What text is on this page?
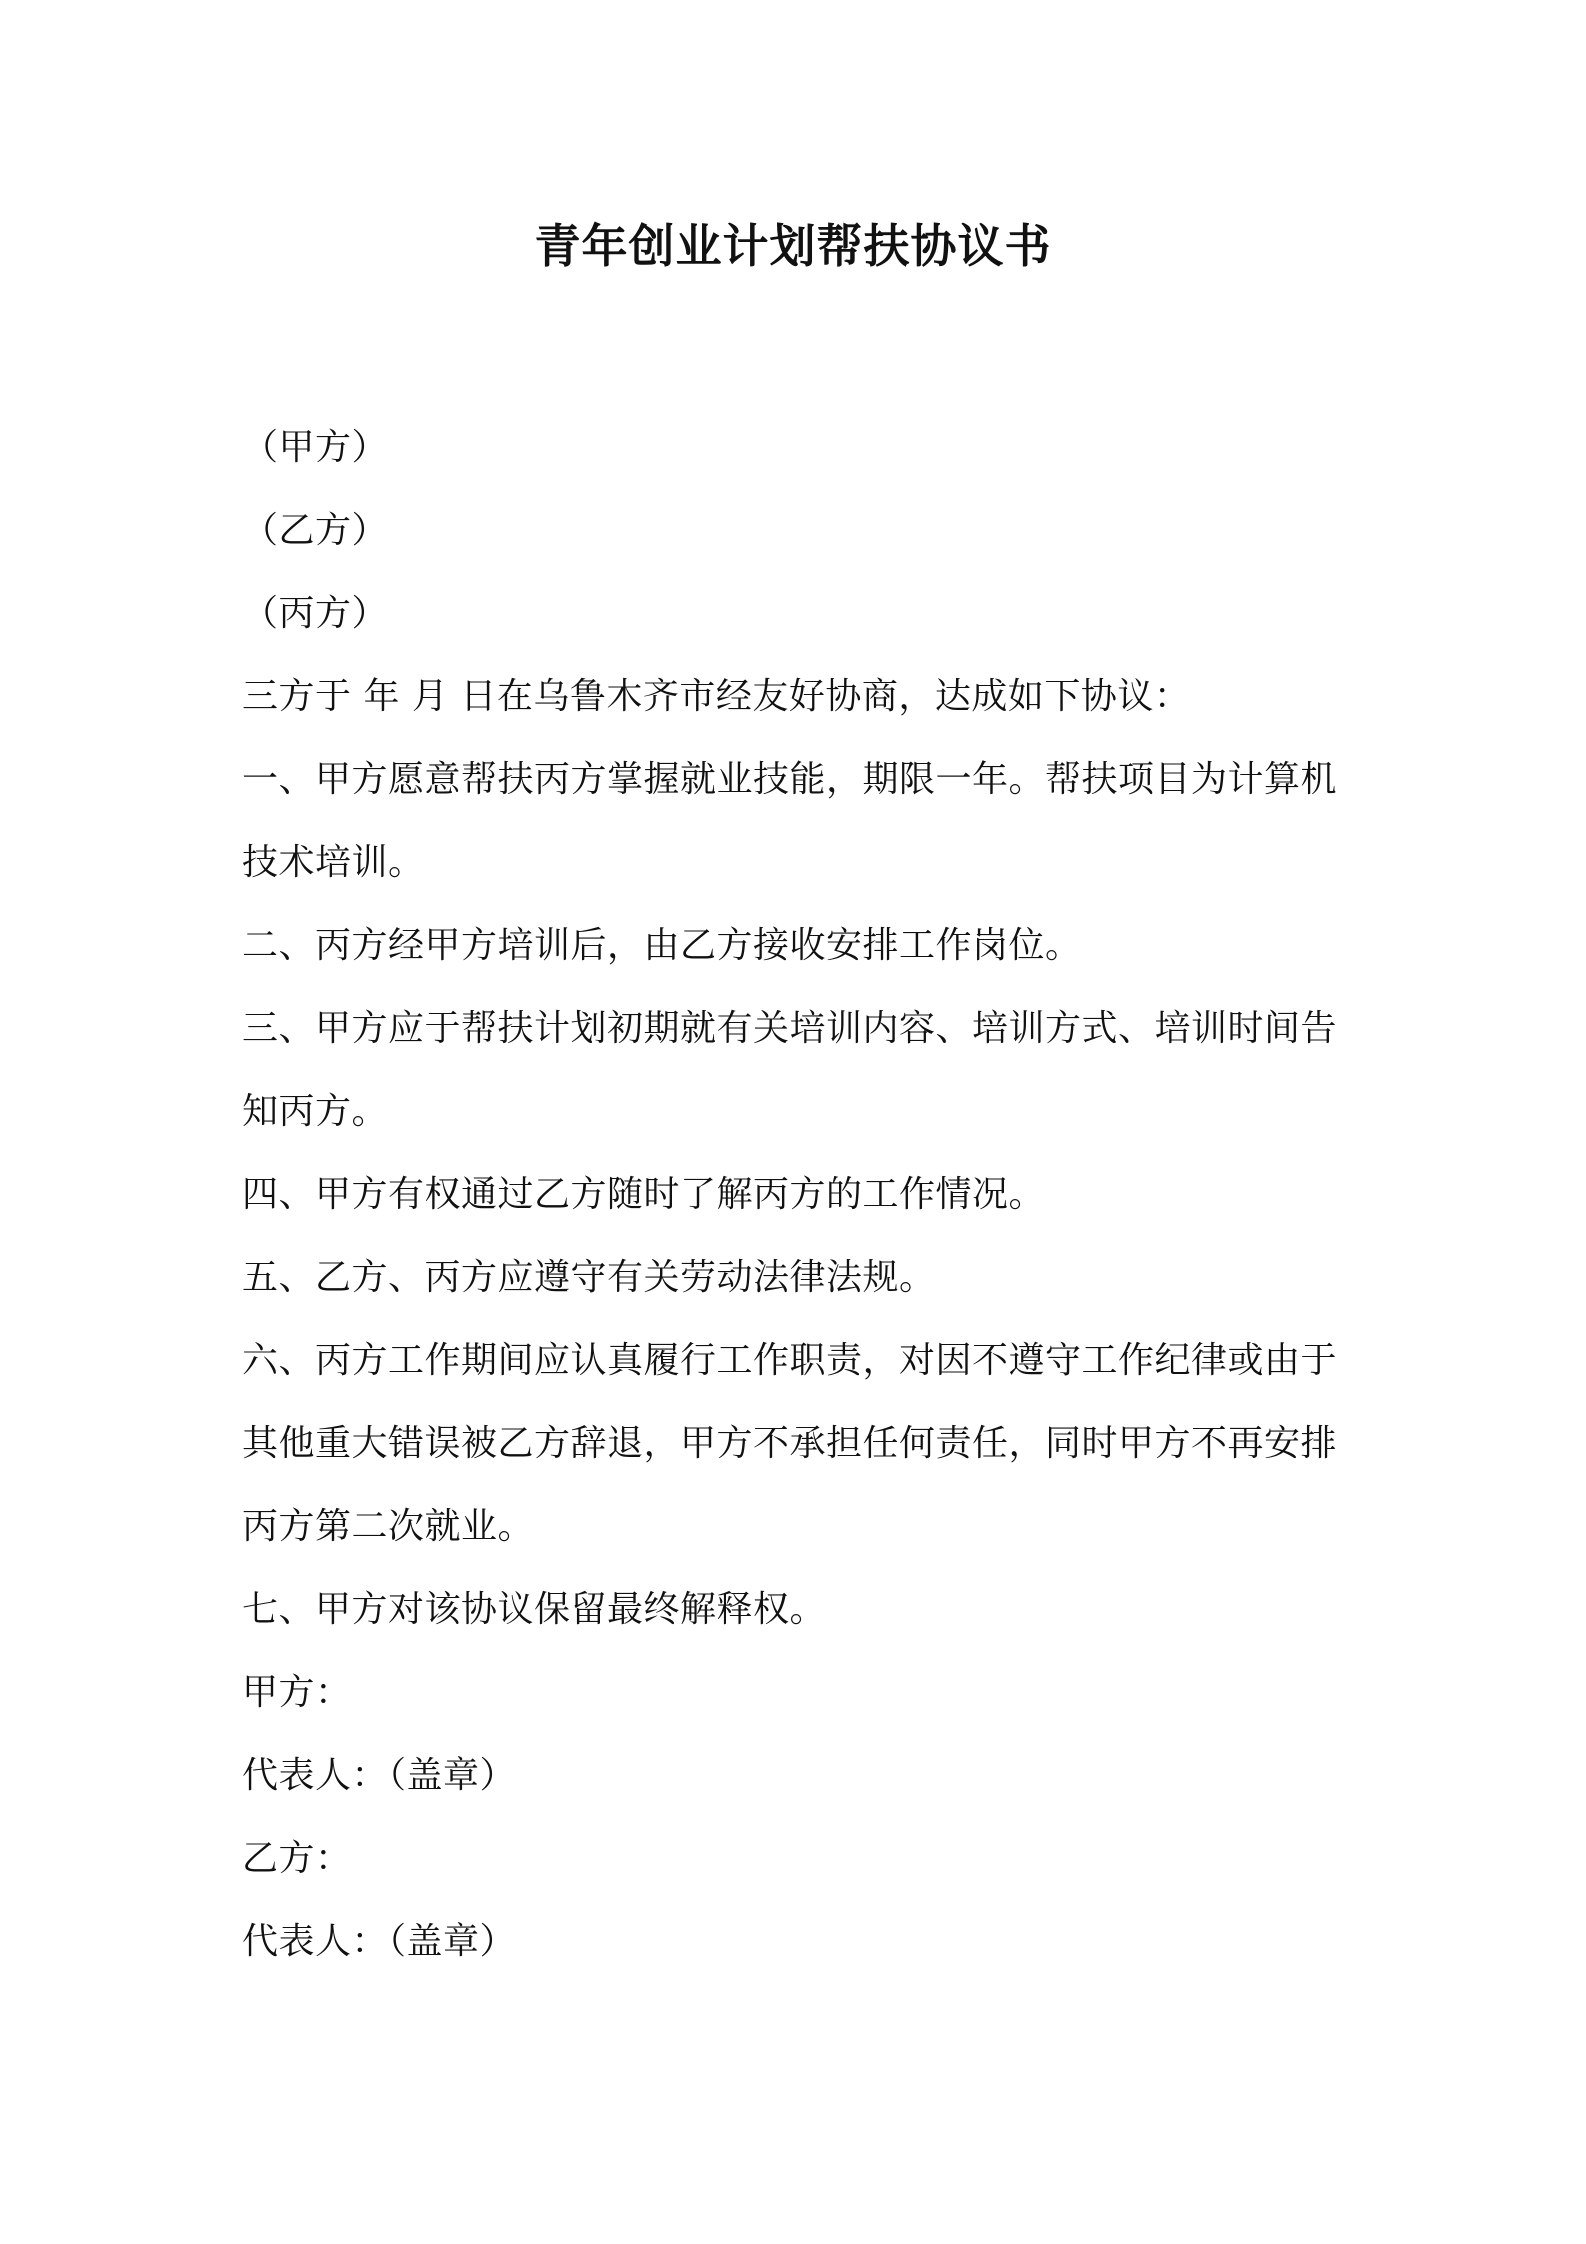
青年创业计划帮扶协议书
（甲方）
（乙方）
（丙方）
三方于 年 月 日在乌鲁木齐市经友好协商，达成如下协议：
一、甲方愿意帮扶丙方掌握就业技能，期限一年。帮扶项目为计算机
技术培训。
二、丙方经甲方培训后，由乙方接收安排工作岗位。
三、甲方应于帮扶计划初期就有关培训内容、培训方式、培训时间告
知丙方。
四、甲方有权通过乙方随时了解丙方的工作情况。
五、乙方、丙方应遵守有关劳动法律法规。
六、丙方工作期间应认真履行工作职责，对因不遵守工作纪律或由于
其他重大错误被乙方辞退，甲方不承担任何责任，同时甲方不再安排
丙方第二次就业。
七、甲方对该协议保留最终解释权。
甲方：
代表人：（盖章）
乙方：
代表人：（盖章）
